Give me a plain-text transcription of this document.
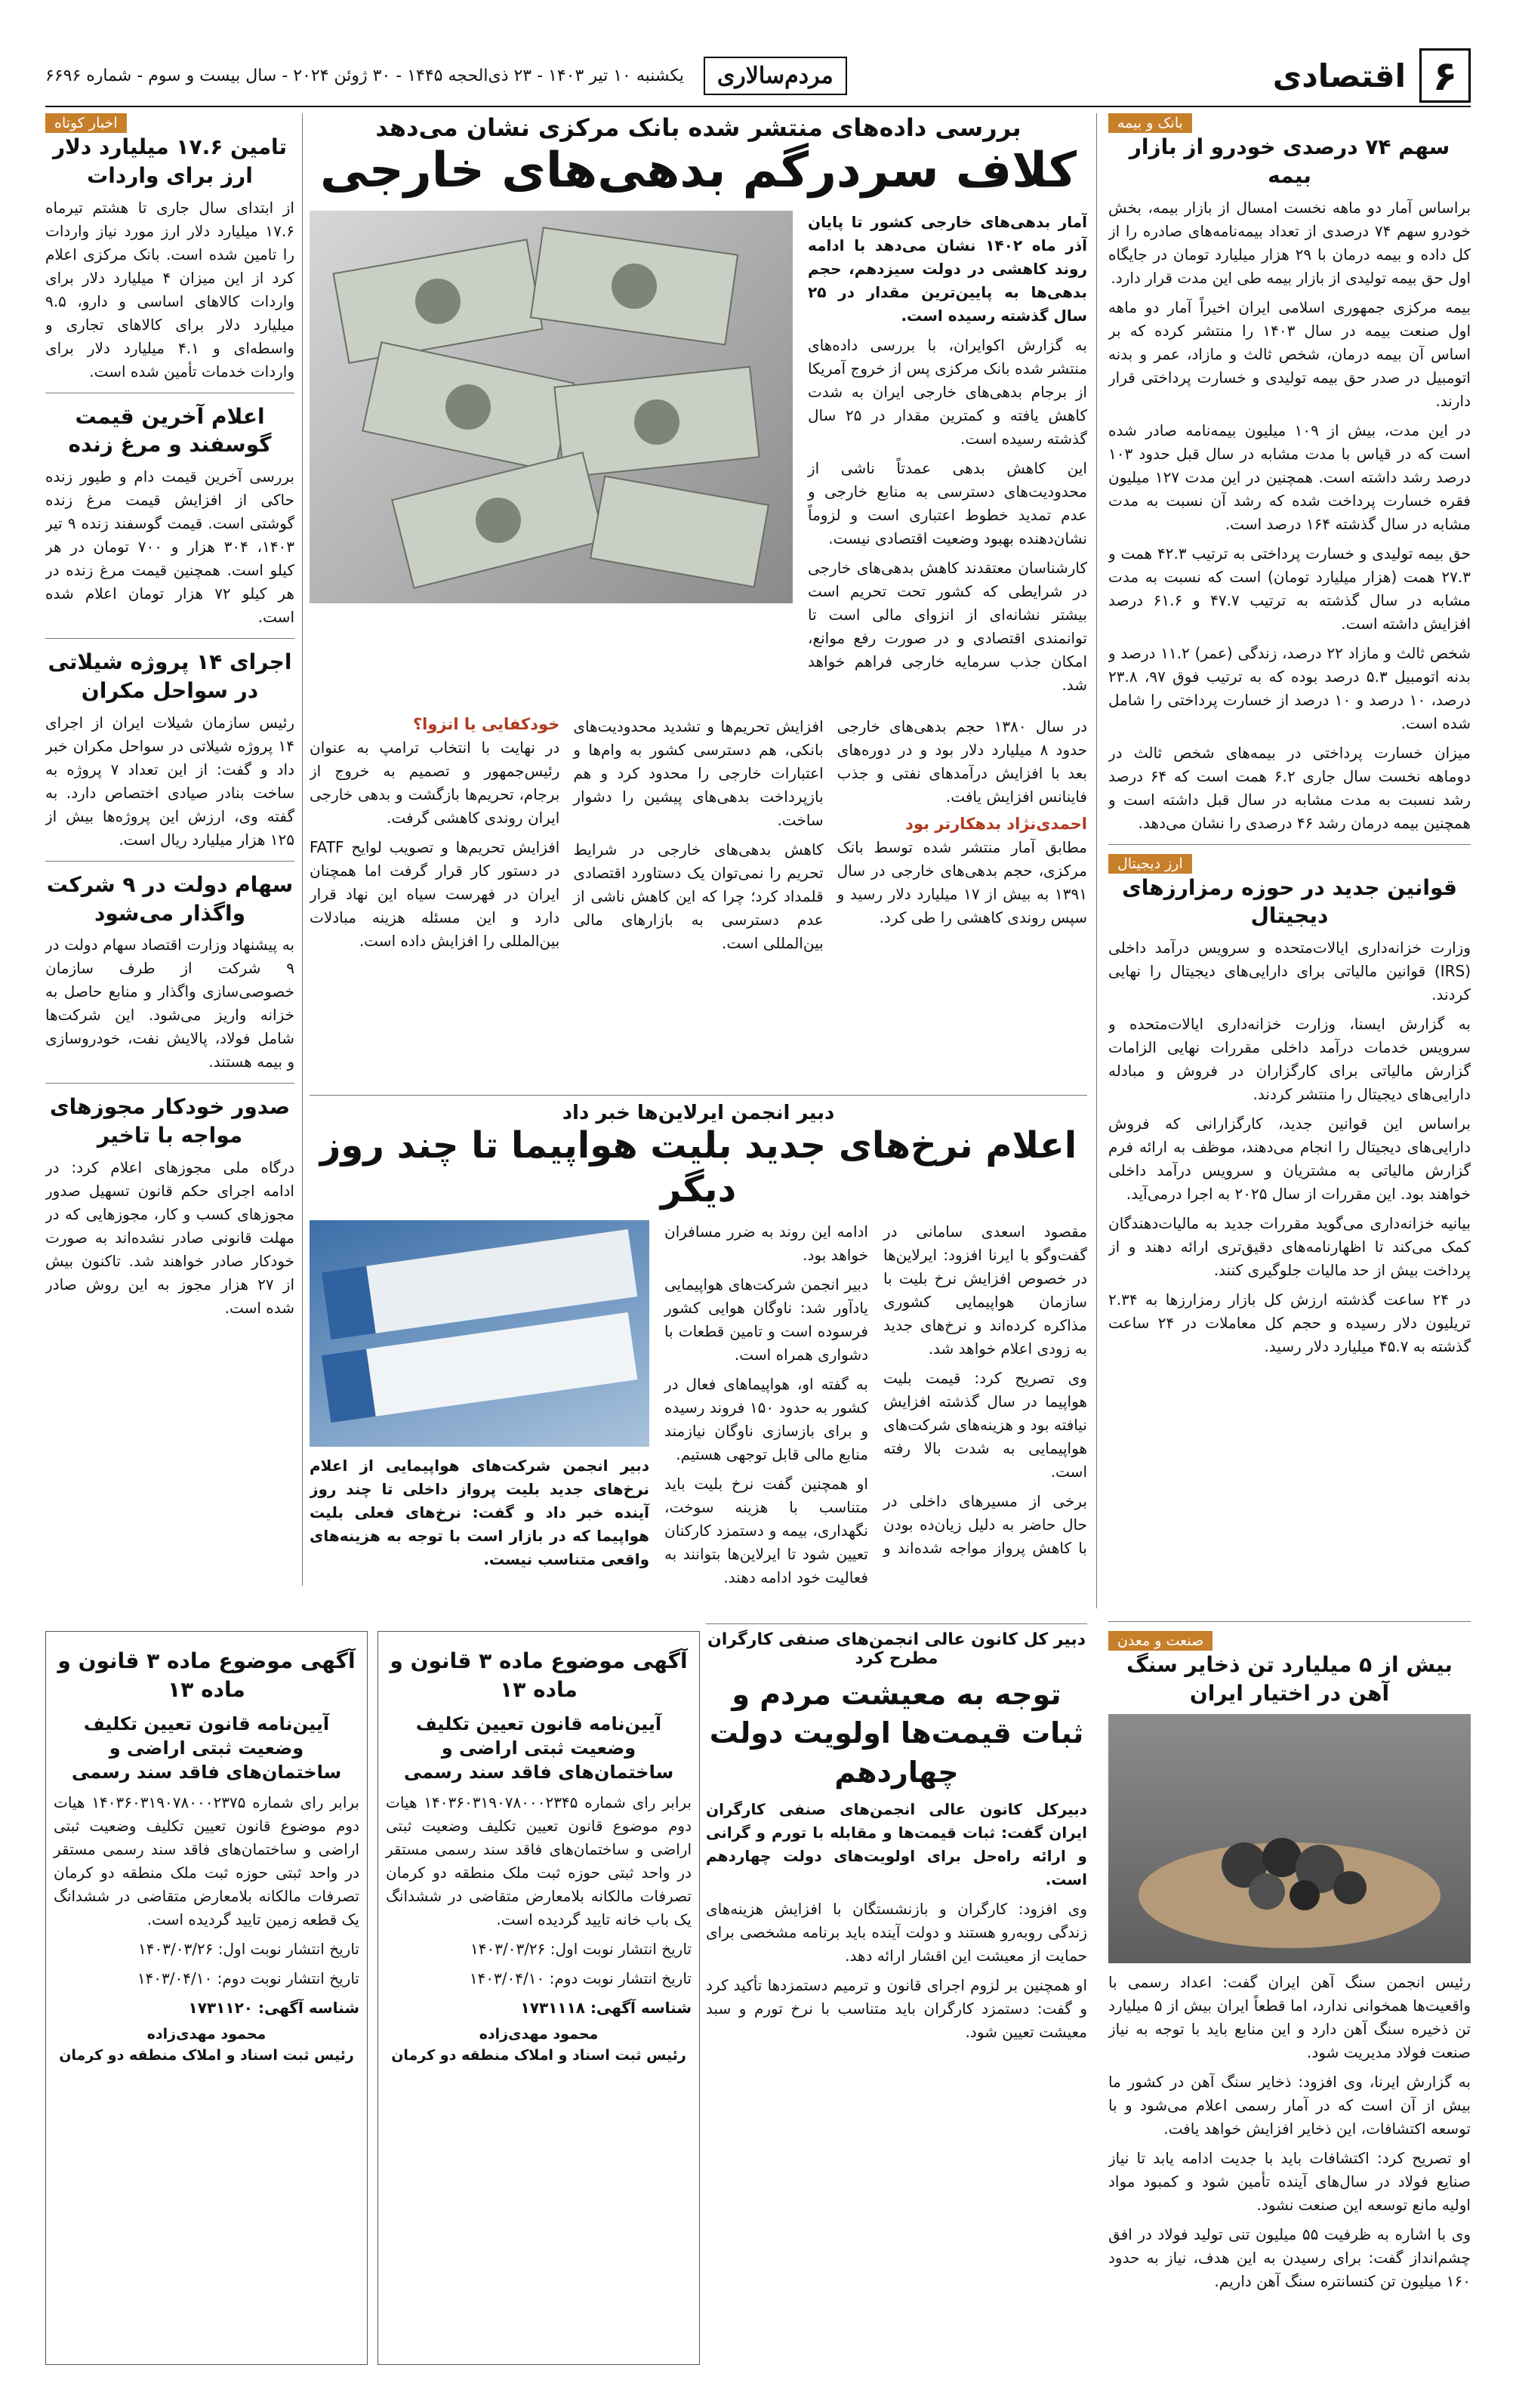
۶
اقتصادی
مردم‌سالاری
یکشنبه ۱۰ تیر ۱۴۰۳ - ۲۳ ذی‌الحجه ۱۴۴۵ - ۳۰ ژوئن ۲۰۲۴ - سال بیست و سوم - شماره ۶۶۹۶
بانک و بیمه
سهم ۷۴ درصدی خودرو از بازار بیمه

براساس آمار دو ماهه نخست امسال از بازار بیمه، بخش خودرو سهم ۷۴ درصدی از تعداد بیمه‌نامه‌های صادره را از کل داده و بیمه درمان با ۲۹ هزار میلیارد تومان در جایگاه اول حق بیمه تولیدی از بازار بیمه طی این مدت قرار دارد.

بیمه مرکزی جمهوری اسلامی ایران اخیراً آمار دو ماهه اول صنعت بیمه در سال ۱۴۰۳ را منتشر کرده که بر اساس آن بیمه درمان، شخص ثالث و مازاد، عمر و بدنه اتومبیل در صدر حق بیمه تولیدی و خسارت پرداختی قرار دارند.

در این مدت، بیش از ۱۰۹ میلیون بیمه‌نامه صادر شده است که در قیاس با مدت مشابه در سال قبل حدود ۱۰۳ درصد رشد داشته است. همچنین در این مدت ۱۲۷ میلیون فقره خسارت پرداخت شده که رشد آن نسبت به مدت مشابه در سال گذشته ۱۶۴ درصد است.

حق بیمه تولیدی و خسارت پرداختی به ترتیب ۴۲.۳ همت و ۲۷.۳ همت (هزار میلیارد تومان) است که نسبت به مدت مشابه در سال گذشته به ترتیب ۴۷.۷ و ۶۱.۶ درصد افزایش داشته است.

شخص ثالث و مازاد ۲۲ درصد، زندگی (عمر) ۱۱.۲ درصد و بدنه اتومبیل ۵.۳ درصد بوده که به ترتیب فوق ۹۷، ۲۳.۸ درصد، ۱۰ درصد و ۱۰ درصد از خسارت پرداختی را شامل شده است.

میزان خسارت پرداختی در بیمه‌های شخص ثالث در دوماهه نخست سال جاری ۶.۲ همت است که ۶۴ درصد رشد نسبت به مدت مشابه در سال قبل داشته است و همچنین بیمه درمان رشد ۴۶ درصدی را نشان می‌دهد.

ارز دیجیتال
قوانین جدید در حوزه رمزارزهای دیجیتال

وزارت خزانه‌داری ایالات‌متحده و سرویس درآمد داخلی (IRS) قوانین مالیاتی برای دارایی‌های دیجیتال را نهایی کردند.

به گزارش ایسنا، وزارت خزانه‌داری ایالات‌متحده و سرویس خدمات درآمد داخلی مقررات نهایی الزامات گزارش مالیاتی برای کارگزاران در فروش و مبادله دارایی‌های دیجیتال را منتشر کردند.

براساس این قوانین جدید، کارگزارانی که فروش دارایی‌های دیجیتال را انجام می‌دهند، موظف به ارائه فرم گزارش مالیاتی به مشتریان و سرویس درآمد داخلی خواهند بود. این مقررات از سال ۲۰۲۵ به اجرا درمی‌آید.

بیانیه خزانه‌داری می‌گوید مقررات جدید به مالیات‌دهندگان کمک می‌کند تا اظهارنامه‌های دقیق‌تری ارائه دهند و از پرداخت بیش از حد مالیات جلوگیری کنند.

در ۲۴ ساعت گذشته ارزش کل بازار رمزارزها به ۲.۳۴ تریلیون دلار رسیده و حجم کل معاملات در ۲۴ ساعت گذشته به ۴۵.۷ میلیارد دلار رسید.

صنعت و معدن
بیش از ۵ میلیارد تن ذخایر سنگ آهن در اختیار ایران

رئیس انجمن سنگ آهن ایران گفت: اعداد رسمی با واقعیت‌ها همخوانی ندارد، اما قطعاً ایران بیش از ۵ میلیارد تن ذخیره سنگ آهن دارد و این منابع باید با توجه به نیاز صنعت فولاد مدیریت شود.

به گزارش ایرنا، وی افزود: ذخایر سنگ آهن در کشور ما بیش از آن است که در آمار رسمی اعلام می‌شود و با توسعه اکتشافات، این ذخایر افزایش خواهد یافت.

او تصریح کرد: اکتشافات باید با جدیت ادامه یابد تا نیاز صنایع فولاد در سال‌های آینده تأمین شود و کمبود مواد اولیه مانع توسعه این صنعت نشود.

وی با اشاره به ظرفیت ۵۵ میلیون تنی تولید فولاد در افق چشم‌انداز گفت: برای رسیدن به این هدف، نیاز به حدود ۱۶۰ میلیون تن کنسانتره سنگ آهن داریم.

اخبار کوتاه
تامین ۱۷.۶ میلیارد دلار ارز برای واردات

از ابتدای سال جاری تا هشتم تیرماه ۱۷.۶ میلیارد دلار ارز مورد نیاز واردات را تامین شده است. بانک مرکزی اعلام کرد از این میزان ۴ میلیارد دلار برای واردات کالاهای اساسی و دارو، ۹.۵ میلیارد دلار برای کالاهای تجاری و واسطه‌ای و ۴.۱ میلیارد دلار برای واردات خدمات تأمین شده است.

اعلام آخرین قیمت گوسفند و مرغ زنده

بررسی آخرین قیمت دام و طیور زنده حاکی از افزایش قیمت مرغ زنده گوشتی است. قیمت گوسفند زنده ۹ تیر ۱۴۰۳، ۳۰۴ هزار و ۷۰۰ تومان در هر کیلو است. همچنین قیمت مرغ زنده در هر کیلو ۷۲ هزار تومان اعلام شده است.

اجرای ۱۴ پروژه شیلاتی در سواحل مکران

رئیس سازمان شیلات ایران از اجرای ۱۴ پروژه شیلاتی در سواحل مکران خبر داد و گفت: از این تعداد ۷ پروژه به ساخت بنادر صیادی اختصاص دارد. به گفته وی، ارزش این پروژه‌ها بیش از ۱۲۵ هزار میلیارد ریال است.

سهام دولت در ۹ شرکت واگذار می‌شود

به پیشنهاد وزارت اقتصاد سهام دولت در ۹ شرکت از طرف سازمان خصوصی‌سازی واگذار و منابع حاصل به خزانه واریز می‌شود. این شرکت‌ها شامل فولاد، پالایش نفت، خودروسازی و بیمه هستند.

صدور خودکار مجوزهای مواجه با تاخیر

درگاه ملی مجوزهای اعلام کرد: در ادامه اجرای حکم قانون تسهیل صدور مجوزهای کسب و کار، مجوزهایی که در مهلت قانونی صادر نشده‌اند به صورت خودکار صادر خواهند شد. تاکنون بیش از ۲۷ هزار مجوز به این روش صادر شده است.

بررسی داده‌های منتشر شده بانک مرکزی نشان می‌دهد
کلاف سردرگم بدهی‌های خارجی

آمار بدهی‌های خارجی کشور تا پایان آذر ماه ۱۴۰۲ نشان می‌دهد با ادامه روند کاهشی در دولت سیزدهم، حجم بدهی‌ها به پایین‌ترین مقدار در ۲۵ سال گذشته رسیده است.

به گزارش اکوایران، با بررسی داده‌های منتشر شده بانک مرکزی پس از خروج آمریکا از برجام بدهی‌های خارجی ایران به شدت کاهش یافته و کمترین مقدار در ۲۵ سال گذشته رسیده است.

این کاهش بدهی عمدتاً ناشی از محدودیت‌های دسترسی به منابع خارجی و عدم تمدید خطوط اعتباری است و لزوماً نشان‌دهنده بهبود وضعیت اقتصادی نیست.

کارشناسان معتقدند کاهش بدهی‌های خارجی در شرایطی که کشور تحت تحریم است بیشتر نشانه‌ای از انزوای مالی است تا توانمندی اقتصادی و در صورت رفع موانع، امکان جذب سرمایه خارجی فراهم خواهد شد.

در سال ۱۳۸۰ حجم بدهی‌های خارجی حدود ۸ میلیارد دلار بود و در دوره‌های بعد با افزایش درآمدهای نفتی و جذب فاینانس افزایش یافت.

احمدی‌نژاد بدهکارتر بود

مطابق آمار منتشر شده توسط بانک مرکزی، حجم بدهی‌های خارجی در سال ۱۳۹۱ به بیش از ۱۷ میلیارد دلار رسید و سپس روندی کاهشی را طی کرد.

افزایش تحریم‌ها و تشدید محدودیت‌های بانکی، هم دسترسی کشور به وام‌ها و اعتبارات خارجی را محدود کرد و هم بازپرداخت بدهی‌های پیشین را دشوار ساخت.

کاهش بدهی‌های خارجی در شرایط تحریم را نمی‌توان یک دستاورد اقتصادی قلمداد کرد؛ چرا که این کاهش ناشی از عدم دسترسی به بازارهای مالی بین‌المللی است.

خودکفایی یا انزوا؟

در نهایت با انتخاب ترامپ به عنوان رئیس‌جمهور و تصمیم به خروج از برجام، تحریم‌ها بازگشت و بدهی خارجی ایران روندی کاهشی گرفت.

افزایش تحریم‌ها و تصویب لوایح FATF در دستور کار قرار گرفت اما همچنان ایران در فهرست سیاه این نهاد قرار دارد و این مسئله هزینه مبادلات بین‌المللی را افزایش داده است.

دبیر انجمن ایرلاین‌ها خبر داد
اعلام نرخ‌های جدید بلیت هواپیما تا چند روز دیگر

مقصود اسعدی سامانی در گفت‌وگو با ایرنا افزود: ایرلاین‌ها در خصوص افزایش نرخ بلیت با سازمان هواپیمایی کشوری مذاکره کرده‌اند و نرخ‌های جدید به زودی اعلام خواهد شد.

وی تصریح کرد: قیمت بلیت هواپیما در سال گذشته افزایش نیافته بود و هزینه‌های شرکت‌های هواپیمایی به شدت بالا رفته است.

برخی از مسیرهای داخلی در حال حاضر به دلیل زیان‌ده بودن با کاهش پرواز مواجه شده‌اند و ادامه این روند به ضرر مسافران خواهد بود.

دبیر انجمن شرکت‌های هواپیمایی یادآور شد: ناوگان هوایی کشور فرسوده است و تامین قطعات با دشواری همراه است.

به گفته او، هواپیماهای فعال در کشور به حدود ۱۵۰ فروند رسیده و برای بازسازی ناوگان نیازمند منابع مالی قابل توجهی هستیم.

او همچنین گفت نرخ بلیت باید متناسب با هزینه سوخت، نگهداری، بیمه و دستمزد کارکنان تعیین شود تا ایرلاین‌ها بتوانند به فعالیت خود ادامه دهند.

دبیر انجمن شرکت‌های هواپیمایی از اعلام نرخ‌های جدید بلیت پرواز داخلی تا چند روز آینده خبر داد و گفت: نرخ‌های فعلی بلیت هواپیما که در بازار است با توجه به هزینه‌های واقعی متناسب نیست.

دبیر کل کانون عالی انجمن‌های صنفی کارگران مطرح کرد
توجه به معیشت مردم و ثبات قیمت‌ها اولویت دولت چهاردهم

دبیرکل کانون عالی انجمن‌های صنفی کارگران ایران گفت: ثبات قیمت‌ها و مقابله با تورم و گرانی و ارائه راه‌حل برای اولویت‌های دولت چهاردهم است.

وی افزود: کارگران و بازنشستگان با افزایش هزینه‌های زندگی روبه‌رو هستند و دولت آینده باید برنامه مشخصی برای حمایت از معیشت این اقشار ارائه دهد.

او همچنین بر لزوم اجرای قانون و ترمیم دستمزدها تأکید کرد و گفت: دستمزد کارگران باید متناسب با نرخ تورم و سبد معیشت تعیین شود.

آگهی موضوع ماده ۳ قانون و ماده ۱۳
آیین‌نامه قانون تعیین تکلیف وضعیت ثبتی اراضی و ساختمان‌های فاقد سند رسمی

برابر رای شماره ۱۴۰۳۶۰۳۱۹۰۷۸۰۰۰۲۳۴۵ هیات دوم موضوع قانون تعیین تکلیف وضعیت ثبتی اراضی و ساختمان‌های فاقد سند رسمی مستقر در واحد ثبتی حوزه ثبت ملک منطقه دو کرمان تصرفات مالکانه بلامعارض متقاضی در ششدانگ یک باب خانه تایید گردیده است.

تاریخ انتشار نوبت اول: ۱۴۰۳/۰۳/۲۶

تاریخ انتشار نوبت دوم: ۱۴۰۳/۰۴/۱۰

شناسه آگهی: ۱۷۳۱۱۱۸

محمود مهدی‌زاده
رئیس ثبت اسناد و املاک منطقه دو کرمان
آگهی موضوع ماده ۳ قانون و ماده ۱۳
آیین‌نامه قانون تعیین تکلیف وضعیت ثبتی اراضی و ساختمان‌های فاقد سند رسمی

برابر رای شماره ۱۴۰۳۶۰۳۱۹۰۷۸۰۰۰۲۳۷۵ هیات دوم موضوع قانون تعیین تکلیف وضعیت ثبتی اراضی و ساختمان‌های فاقد سند رسمی مستقر در واحد ثبتی حوزه ثبت ملک منطقه دو کرمان تصرفات مالکانه بلامعارض متقاضی در ششدانگ یک قطعه زمین تایید گردیده است.

تاریخ انتشار نوبت اول: ۱۴۰۳/۰۳/۲۶

تاریخ انتشار نوبت دوم: ۱۴۰۳/۰۴/۱۰

شناسه آگهی: ۱۷۳۱۱۲۰

محمود مهدی‌زاده
رئیس ثبت اسناد و املاک منطقه دو کرمان
